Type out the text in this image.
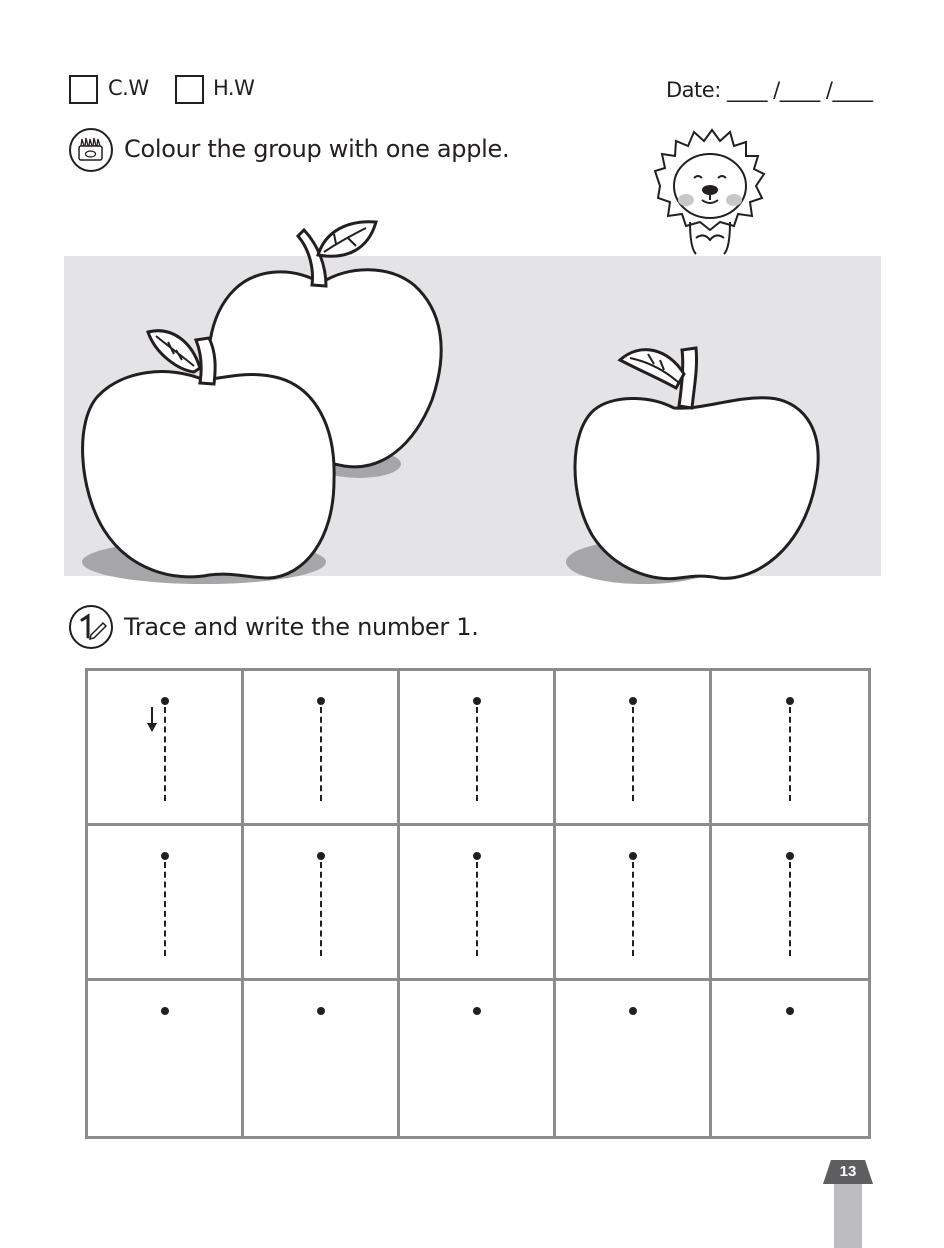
C.W	H.W	Date: ____ /____ /____
Colour the group with one apple.
Trace and write the number 1.
13
